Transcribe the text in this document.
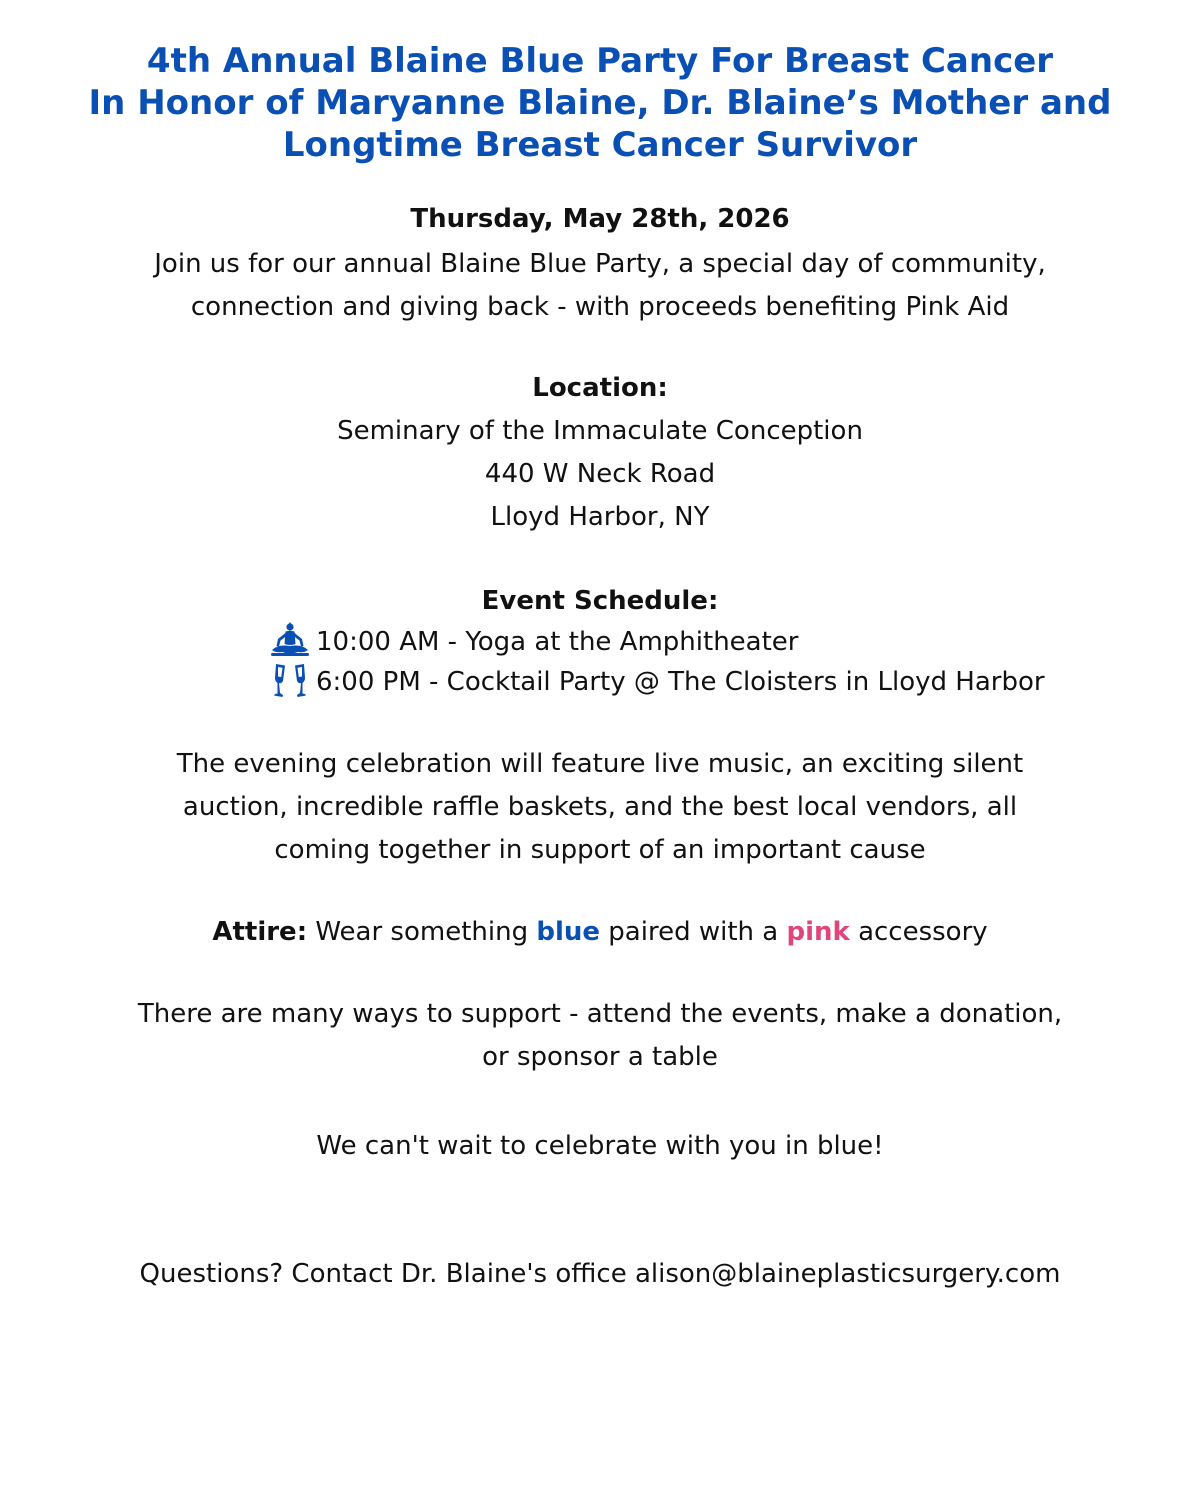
4th Annual Blaine Blue Party For Breast Cancer
In Honor of Maryanne Blaine, Dr. Blaine’s Mother and
Longtime Breast Cancer Survivor
Thursday, May 28th, 2026
Join us for our annual Blaine Blue Party, a special day of community,
connection and giving back - with proceeds benefiting Pink Aid
Location:
Seminary of the Immaculate Conception
440 W Neck Road
Lloyd Harbor, NY
Event Schedule:
10:00 AM - Yoga at the Amphitheater
6:00 PM - Cocktail Party @ The Cloisters in Lloyd Harbor
The evening celebration will feature live music, an exciting silent
auction, incredible raffle baskets, and the best local vendors, all
coming together in support of an important cause
Attire: Wear something blue paired with a pink accessory
There are many ways to support - attend the events, make a donation,
or sponsor a table
We can't wait to celebrate with you in blue!
Questions? Contact Dr. Blaine's office alison@blaineplasticsurgery.com
